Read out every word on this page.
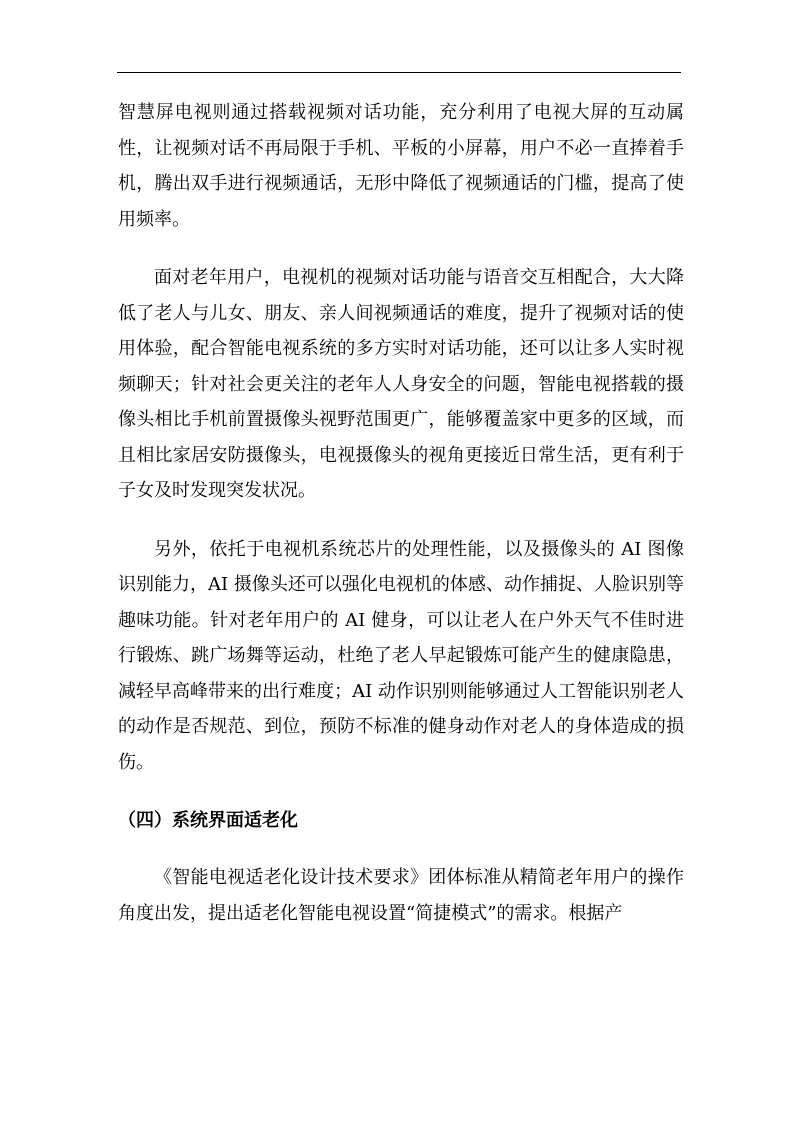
智慧屏电视则通过搭载视频对话功能，充分利用了电视大屏的互动属性，让视频对话不再局限于手机、平板的小屏幕，用户不必一直捧着手机，腾出双手进行视频通话，无形中降低了视频通话的门槛，提高了使用频率。

面对老年用户，电视机的视频对话功能与语音交互相配合，大大降低了老人与儿女、朋友、亲人间视频通话的难度，提升了视频对话的使用体验，配合智能电视系统的多方实时对话功能，还可以让多人实时视频聊天；针对社会更关注的老年人人身安全的问题，智能电视搭载的摄像头相比手机前置摄像头视野范围更广，能够覆盖家中更多的区域，而且相比家居安防摄像头，电视摄像头的视角更接近日常生活，更有利于子女及时发现突发状况。

另外，依托于电视机系统芯片的处理性能，以及摄像头的 AI 图像识别能力，AI 摄像头还可以强化电视机的体感、动作捕捉、人脸识别等趣味功能。针对老年用户的 AI 健身，可以让老人在户外天气不佳时进行锻炼、跳广场舞等运动，杜绝了老人早起锻炼可能产生的健康隐患，减轻早高峰带来的出行难度；AI 动作识别则能够通过人工智能识别老人的动作是否规范、到位，预防不标准的健身动作对老人的身体造成的损伤。

（四）系统界面适老化

《智能电视适老化设计技术要求》团体标准从精简老年用户的操作角度出发，提出适老化智能电视设置“简捷模式”的需求。根据产
